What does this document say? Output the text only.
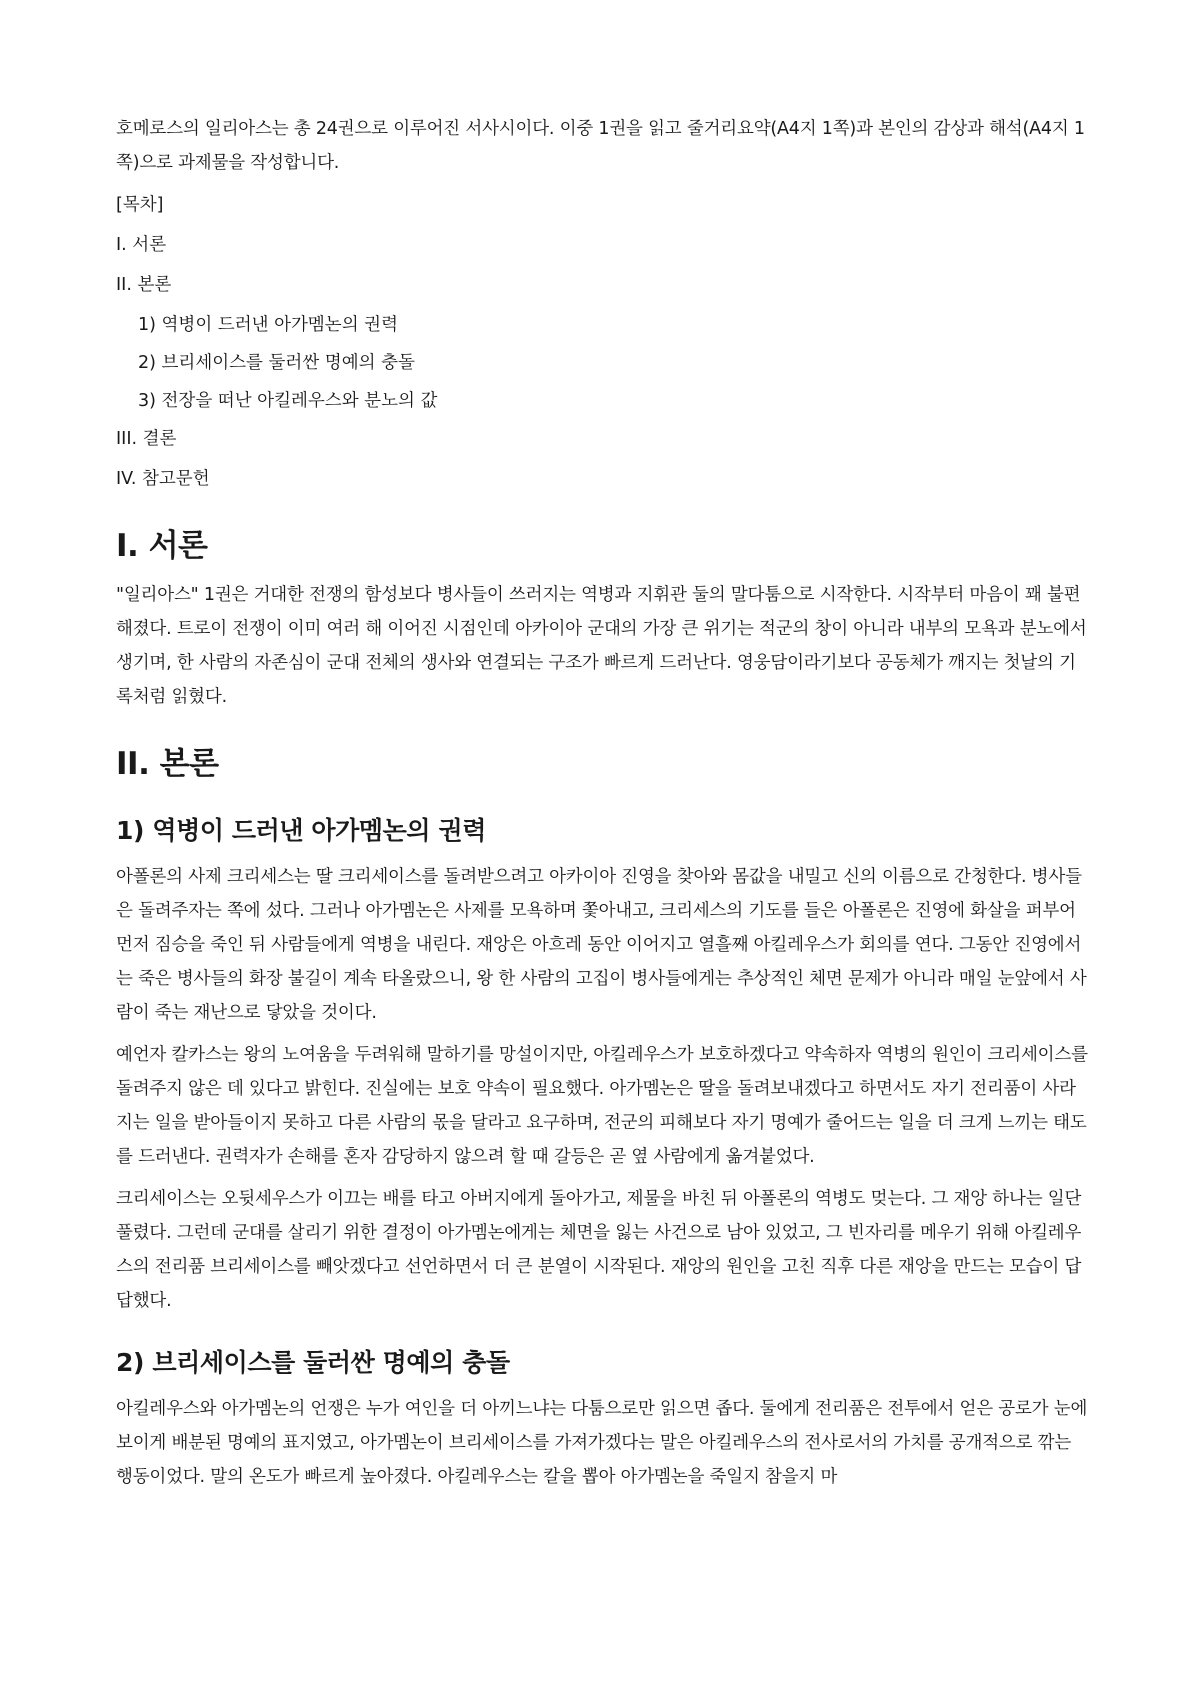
호메로스의 일리아스는 총 24권으로 이루어진 서사시이다. 이중 1권을 읽고 줄거리요약(A4지 1쪽)과 본인의 감상과 해석(A4지 1쪽)으로 과제물을 작성합니다.

[목차]
I. 서론
II. 본론
1) 역병이 드러낸 아가멤논의 권력
2) 브리세이스를 둘러싼 명예의 충돌
3) 전장을 떠난 아킬레우스와 분노의 값
III. 결론
IV. 참고문헌
I. 서론

"일리아스" 1권은 거대한 전쟁의 함성보다 병사들이 쓰러지는 역병과 지휘관 둘의 말다툼으로 시작한다. 시작부터 마음이 꽤 불편해졌다. 트로이 전쟁이 이미 여러 해 이어진 시점인데 아카이아 군대의 가장 큰 위기는 적군의 창이 아니라 내부의 모욕과 분노에서 생기며, 한 사람의 자존심이 군대 전체의 생사와 연결되는 구조가 빠르게 드러난다. 영웅담이라기보다 공동체가 깨지는 첫날의 기록처럼 읽혔다.

II. 본론
1) 역병이 드러낸 아가멤논의 권력

아폴론의 사제 크리세스는 딸 크리세이스를 돌려받으려고 아카이아 진영을 찾아와 몸값을 내밀고 신의 이름으로 간청한다. 병사들은 돌려주자는 쪽에 섰다. 그러나 아가멤논은 사제를 모욕하며 쫓아내고, 크리세스의 기도를 들은 아폴론은 진영에 화살을 퍼부어 먼저 짐승을 죽인 뒤 사람들에게 역병을 내린다. 재앙은 아흐레 동안 이어지고 열흘째 아킬레우스가 회의를 연다. 그동안 진영에서는 죽은 병사들의 화장 불길이 계속 타올랐으니, 왕 한 사람의 고집이 병사들에게는 추상적인 체면 문제가 아니라 매일 눈앞에서 사람이 죽는 재난으로 닿았을 것이다.

예언자 칼카스는 왕의 노여움을 두려워해 말하기를 망설이지만, 아킬레우스가 보호하겠다고 약속하자 역병의 원인이 크리세이스를 돌려주지 않은 데 있다고 밝힌다. 진실에는 보호 약속이 필요했다. 아가멤논은 딸을 돌려보내겠다고 하면서도 자기 전리품이 사라지는 일을 받아들이지 못하고 다른 사람의 몫을 달라고 요구하며, 전군의 피해보다 자기 명예가 줄어드는 일을 더 크게 느끼는 태도를 드러낸다. 권력자가 손해를 혼자 감당하지 않으려 할 때 갈등은 곧 옆 사람에게 옮겨붙었다.

크리세이스는 오뒷세우스가 이끄는 배를 타고 아버지에게 돌아가고, 제물을 바친 뒤 아폴론의 역병도 멎는다. 그 재앙 하나는 일단 풀렸다. 그런데 군대를 살리기 위한 결정이 아가멤논에게는 체면을 잃는 사건으로 남아 있었고, 그 빈자리를 메우기 위해 아킬레우스의 전리품 브리세이스를 빼앗겠다고 선언하면서 더 큰 분열이 시작된다. 재앙의 원인을 고친 직후 다른 재앙을 만드는 모습이 답답했다.

2) 브리세이스를 둘러싼 명예의 충돌

아킬레우스와 아가멤논의 언쟁은 누가 여인을 더 아끼느냐는 다툼으로만 읽으면 좁다. 둘에게 전리품은 전투에서 얻은 공로가 눈에 보이게 배분된 명예의 표지였고, 아가멤논이 브리세이스를 가져가겠다는 말은 아킬레우스의 전사로서의 가치를 공개적으로 깎는 행동이었다. 말의 온도가 빠르게 높아졌다. 아킬레우스는 칼을 뽑아 아가멤논을 죽일지 참을지 마
